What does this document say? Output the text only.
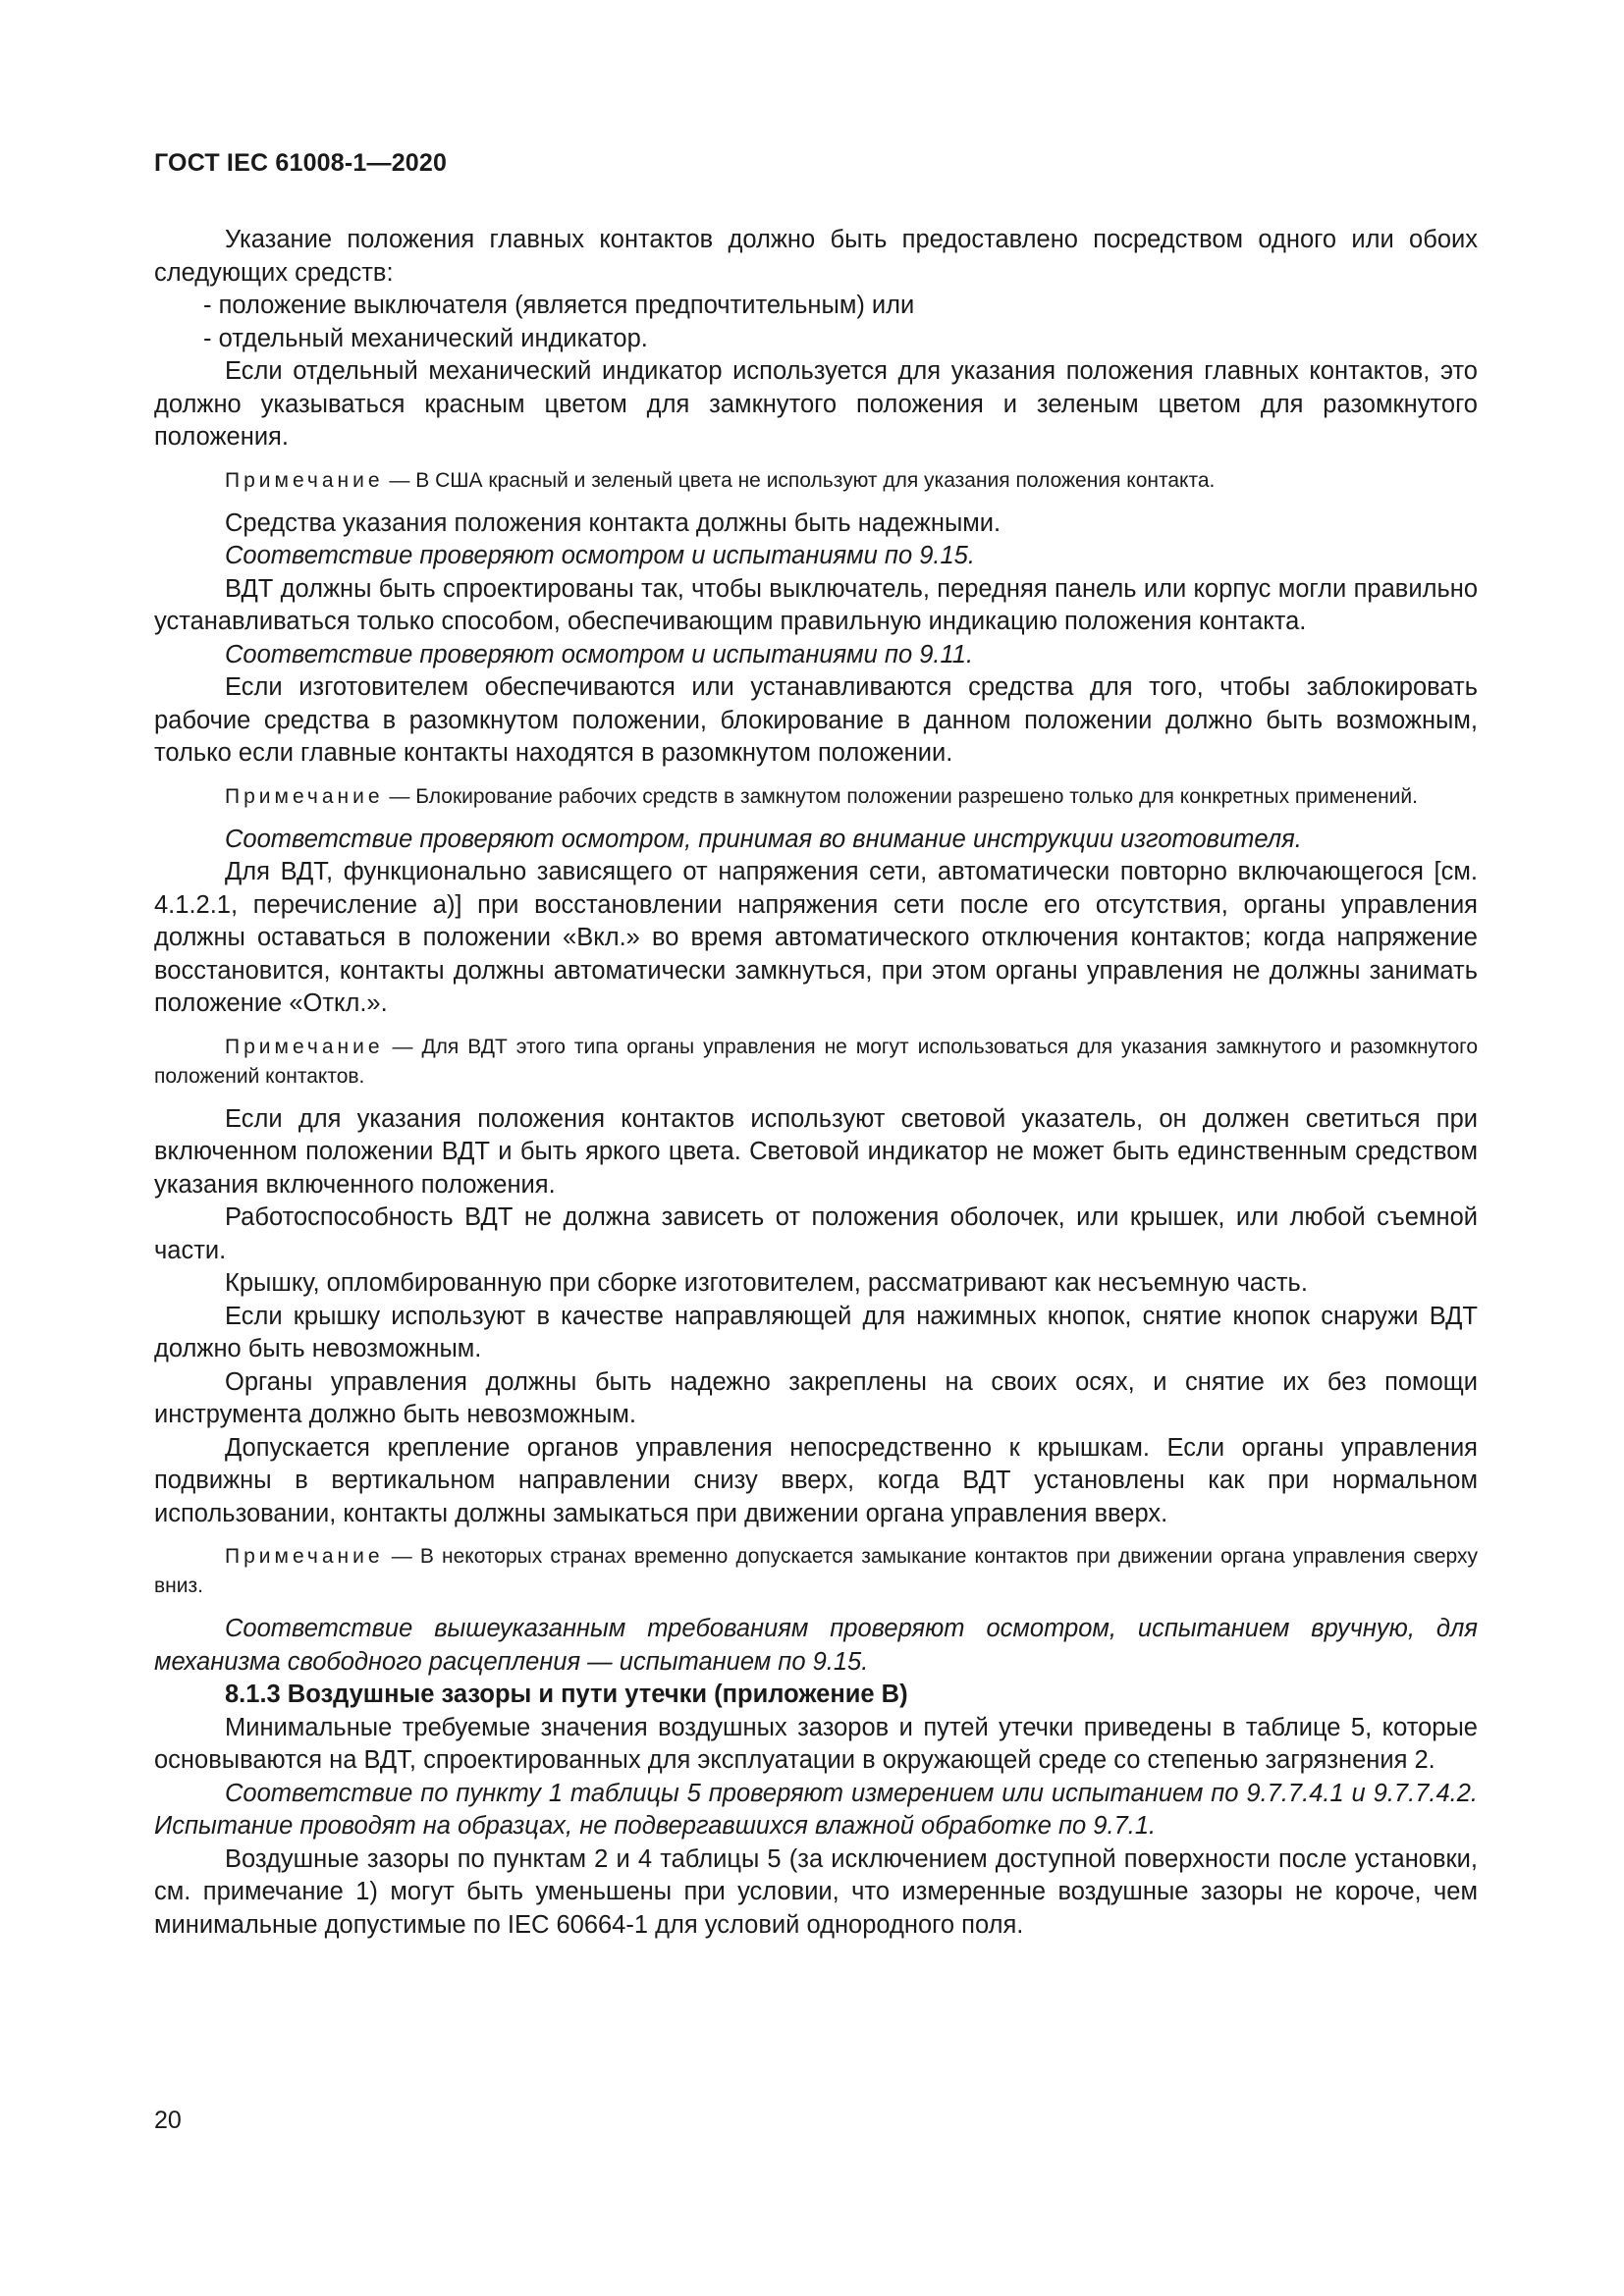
ГОСТ IEC 61008-1—2020

Указание положения главных контактов должно быть предоставлено посредством одного или обоих следующих средств:

- положение выключателя (является предпочтительным) или

- отдельный механический индикатор.

Если отдельный механический индикатор используется для указания положения главных контактов, это должно указываться красным цветом для замкнутого положения и зеленым цветом для разомкнутого положения.

Примечание — В США красный и зеленый цвета не используют для указания положения контакта.

Средства указания положения контакта должны быть надежными.

Соответствие проверяют осмотром и испытаниями по 9.15.

ВДТ должны быть спроектированы так, чтобы выключатель, передняя панель или корпус могли правильно устанавливаться только способом, обеспечивающим правильную индикацию положения контакта.

Соответствие проверяют осмотром и испытаниями по 9.11.

Если изготовителем обеспечиваются или устанавливаются средства для того, чтобы заблокировать рабочие средства в разомкнутом положении, блокирование в данном положении должно быть возможным, только если главные контакты находятся в разомкнутом положении.

Примечание — Блокирование рабочих средств в замкнутом положении разрешено только для конкретных применений.

Соответствие проверяют осмотром, принимая во внимание инструкции изготовителя.

Для ВДТ, функционально зависящего от напряжения сети, автоматически повторно включающегося [см. 4.1.2.1, перечисление а)] при восстановлении напряжения сети после его отсутствия, органы управления должны оставаться в положении «Вкл.» во время автоматического отключения контактов; когда напряжение восстановится, контакты должны автоматически замкнуться, при этом органы управления не должны занимать положение «Откл.».

Примечание — Для ВДТ этого типа органы управления не могут использоваться для указания замкнутого и разомкнутого положений контактов.

Если для указания положения контактов используют световой указатель, он должен светиться при включенном положении ВДТ и быть яркого цвета. Световой индикатор не может быть единственным средством указания включенного положения.

Работоспособность ВДТ не должна зависеть от положения оболочек, или крышек, или любой съемной части.

Крышку, опломбированную при сборке изготовителем, рассматривают как несъемную часть.

Если крышку используют в качестве направляющей для нажимных кнопок, снятие кнопок снаружи ВДТ должно быть невозможным.

Органы управления должны быть надежно закреплены на своих осях, и снятие их без помощи инструмента должно быть невозможным.

Допускается крепление органов управления непосредственно к крышкам. Если органы управления подвижны в вертикальном направлении снизу вверх, когда ВДТ установлены как при нормальном использовании, контакты должны замыкаться при движении органа управления вверх.

Примечание — В некоторых странах временно допускается замыкание контактов при движении органа управления сверху вниз.

Соответствие вышеуказанным требованиям проверяют осмотром, испытанием вручную, для механизма свободного расцепления — испытанием по 9.15.

8.1.3 Воздушные зазоры и пути утечки (приложение В)

Минимальные требуемые значения воздушных зазоров и путей утечки приведены в таблице 5, которые основываются на ВДТ, спроектированных для эксплуатации в окружающей среде со степенью загрязнения 2.

Соответствие по пункту 1 таблицы 5 проверяют измерением или испытанием по 9.7.7.4.1 и 9.7.7.4.2. Испытание проводят на образцах, не подвергавшихся влажной обработке по 9.7.1.

Воздушные зазоры по пунктам 2 и 4 таблицы 5 (за исключением доступной поверхности после установки, см. примечание 1) могут быть уменьшены при условии, что измеренные воздушные зазоры не короче, чем минимальные допустимые по IEC 60664-1 для условий однородного поля.

20
